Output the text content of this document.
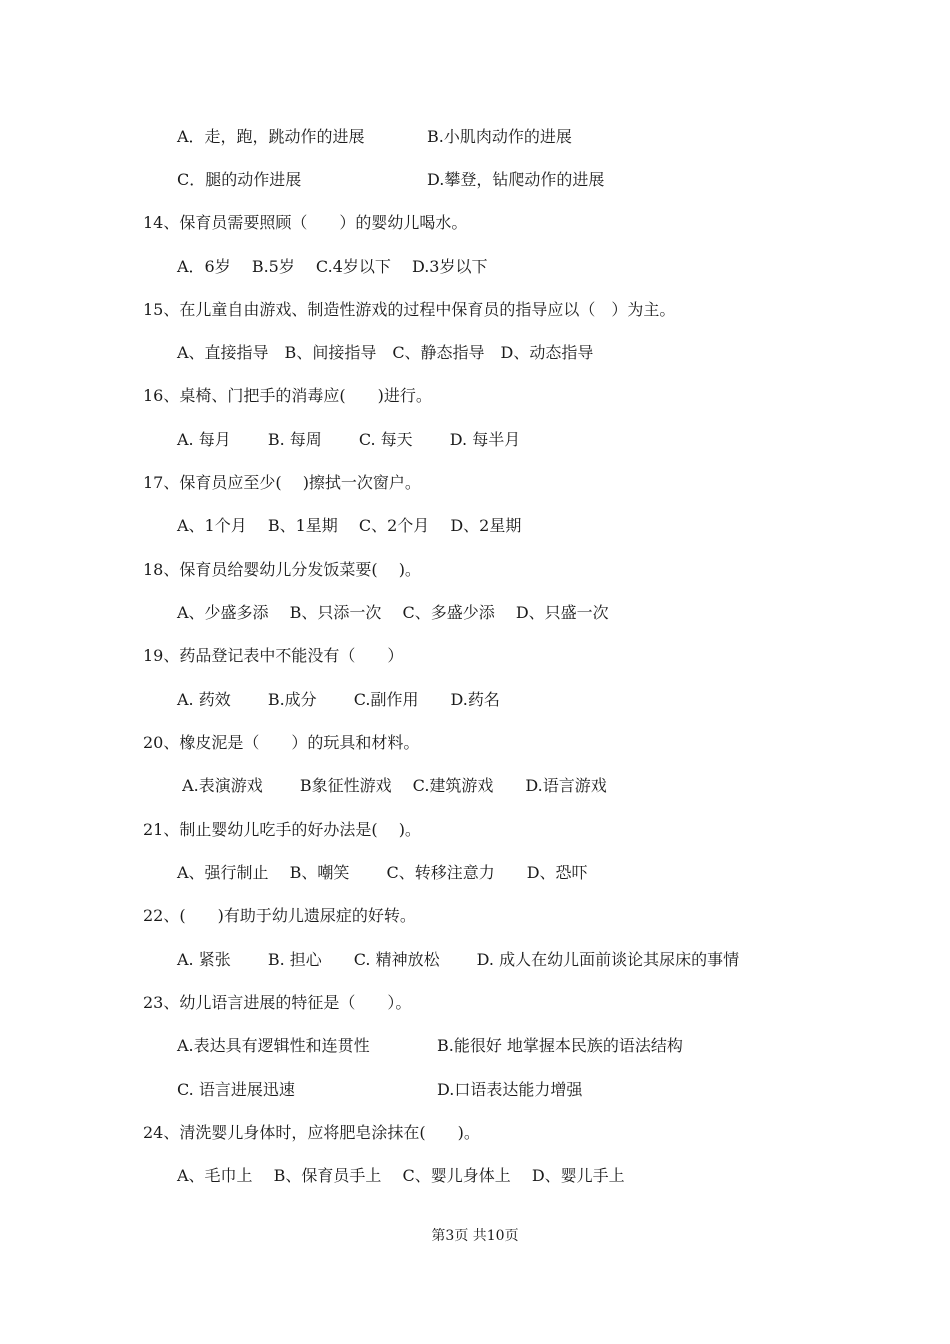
A．走，跑，跳动作的进展	B.小肌肉动作的进展
C．腿的动作进展	D.攀登，钻爬动作的进展
14、保育员需要照顾（　　）的婴幼儿喝水。
A．6岁　 B.5岁　 C.4岁以下　 D.3岁以下
15、在儿童自由游戏、制造性游戏的过程中保育员的指导应以（　）为主。
A、直接指导　B、间接指导　C、静态指导　D、动态指导
16、桌椅、门把手的消毒应(　　)进行。
A. 每月　　 B. 每周　　 C. 每天　　 D. 每半月
17、保育员应至少(　 )擦拭一次窗户。
A、1个月　 B、1星期　 C、2个月　 D、2星期
18、保育员给婴幼儿分发饭菜要(　 )。
A、少盛多添　 B、只添一次　 C、多盛少添　 D、只盛一次
19、药品登记表中不能没有（　　）
A. 药效　　 B.成分　　 C.副作用　　D.药名
20、橡皮泥是（　　）的玩具和材料。
A.表演游戏　　 B象征性游戏　 C.建筑游戏　　D.语言游戏
21、制止婴幼儿吃手的好办法是(　 )。
A、强行制止　 B、嘲笑　　 C、转移注意力　　D、恐吓
22、(　　)有助于幼儿遗尿症的好转。
A. 紧张　　 B. 担心　　C. 精神放松　　 D. 成人在幼儿面前谈论其尿床的事情
23、幼儿语言进展的特征是（　　）。
A.表达具有逻辑性和连贯性	B.能很好 地掌握本民族的语法结构
C. 语言进展迅速	D.口语表达能力增强
24、清洗婴儿身体时，应将肥皂涂抹在(　　)。
A、毛巾上　 B、保育员手上　 C、婴儿身体上　 D、婴儿手上
第3页 共10页
